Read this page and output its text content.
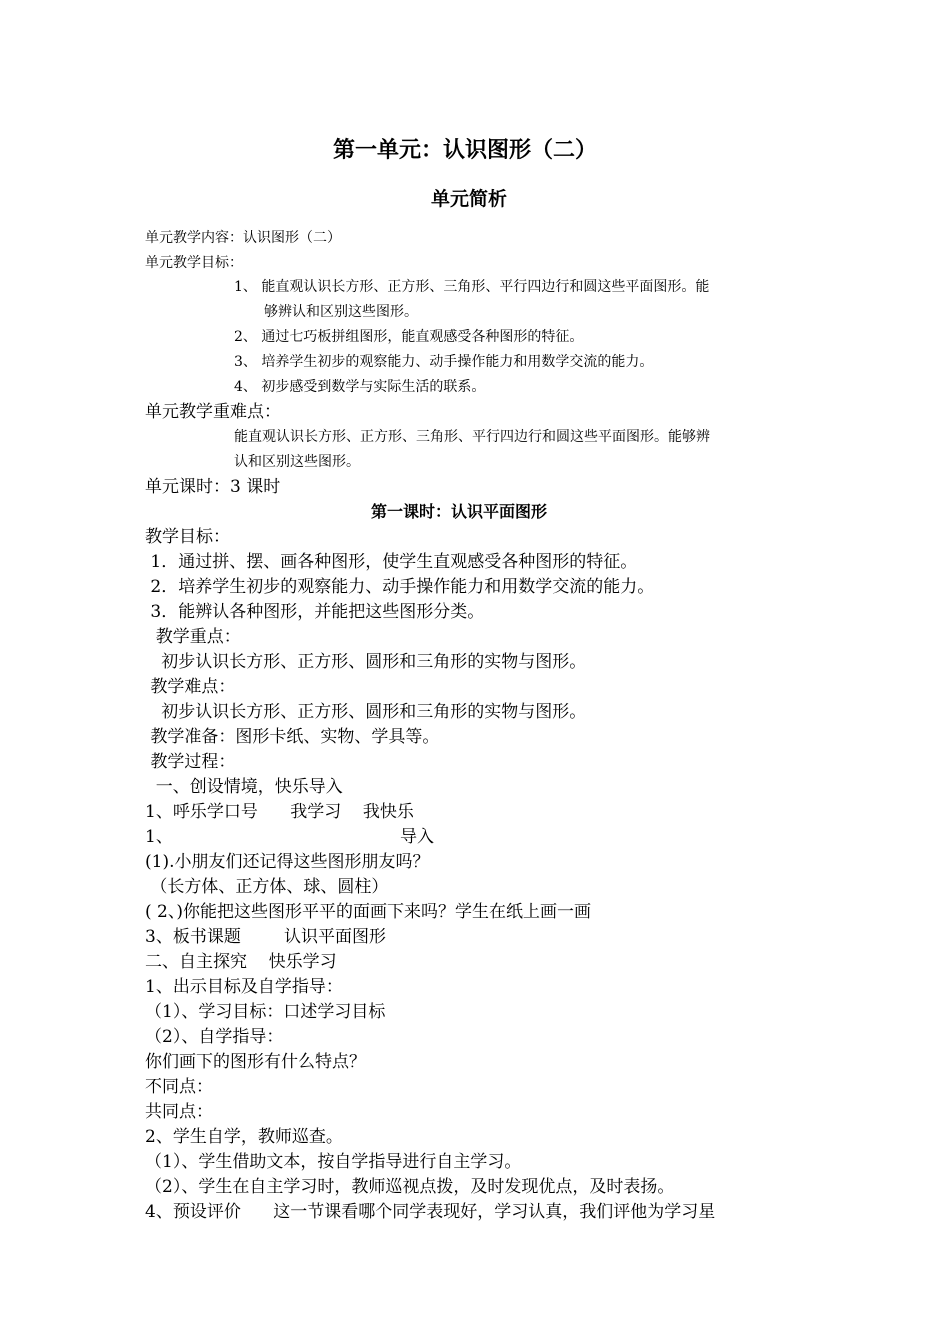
第一单元：认识图形（二）
单元简析
单元教学内容：认识图形（二）
单元教学目标：
1、 能直观认识长方形、正方形、三角形、平行四边行和圆这些平面图形。能
够辨认和区别这些图形。
2、 通过七巧板拼组图形，能直观感受各种图形的特征。
3、 培养学生初步的观察能力、动手操作能力和用数学交流的能力。
4、 初步感受到数学与实际生活的联系。
单元教学重难点：
能直观认识长方形、正方形、三角形、平行四边行和圆这些平面图形。能够辨
认和区别这些图形。
单元课时：3 课时
第一课时：认识平面图形
教学目标：
1．通过拼、摆、画各种图形，使学生直观感受各种图形的特征。
2．培养学生初步的观察能力、动手操作能力和用数学交流的能力。
3．能辨认各种图形，并能把这些图形分类。
教学重点：
初步认识长方形、正方形、圆形和三角形的实物与图形。
教学难点：
初步认识长方形、正方形、圆形和三角形的实物与图形。
教学准备：图形卡纸、实物、学具等。
教学过程：
一、创设情境，快乐导入
1、呼乐学口号      我学习    我快乐
1、	导入
(1).小朋友们还记得这些图形朋友吗？
（长方体、正方体、球、圆柱）
( 2、)你能把这些图形平平的面画下来吗？学生在纸上画一画
3、板书课题        认识平面图形
二、自主探究    快乐学习
1、出示目标及自学指导：
（1）、学习目标：口述学习目标
（2）、自学指导：
你们画下的图形有什么特点？
不同点：
共同点：
2、学生自学，教师巡查。
（1）、学生借助文本，按自学指导进行自主学习。
（2）、学生在自主学习时，教师巡视点拨，及时发现优点，及时表扬。
4、预设评价      这一节课看哪个同学表现好，学习认真，我们评他为学习星
